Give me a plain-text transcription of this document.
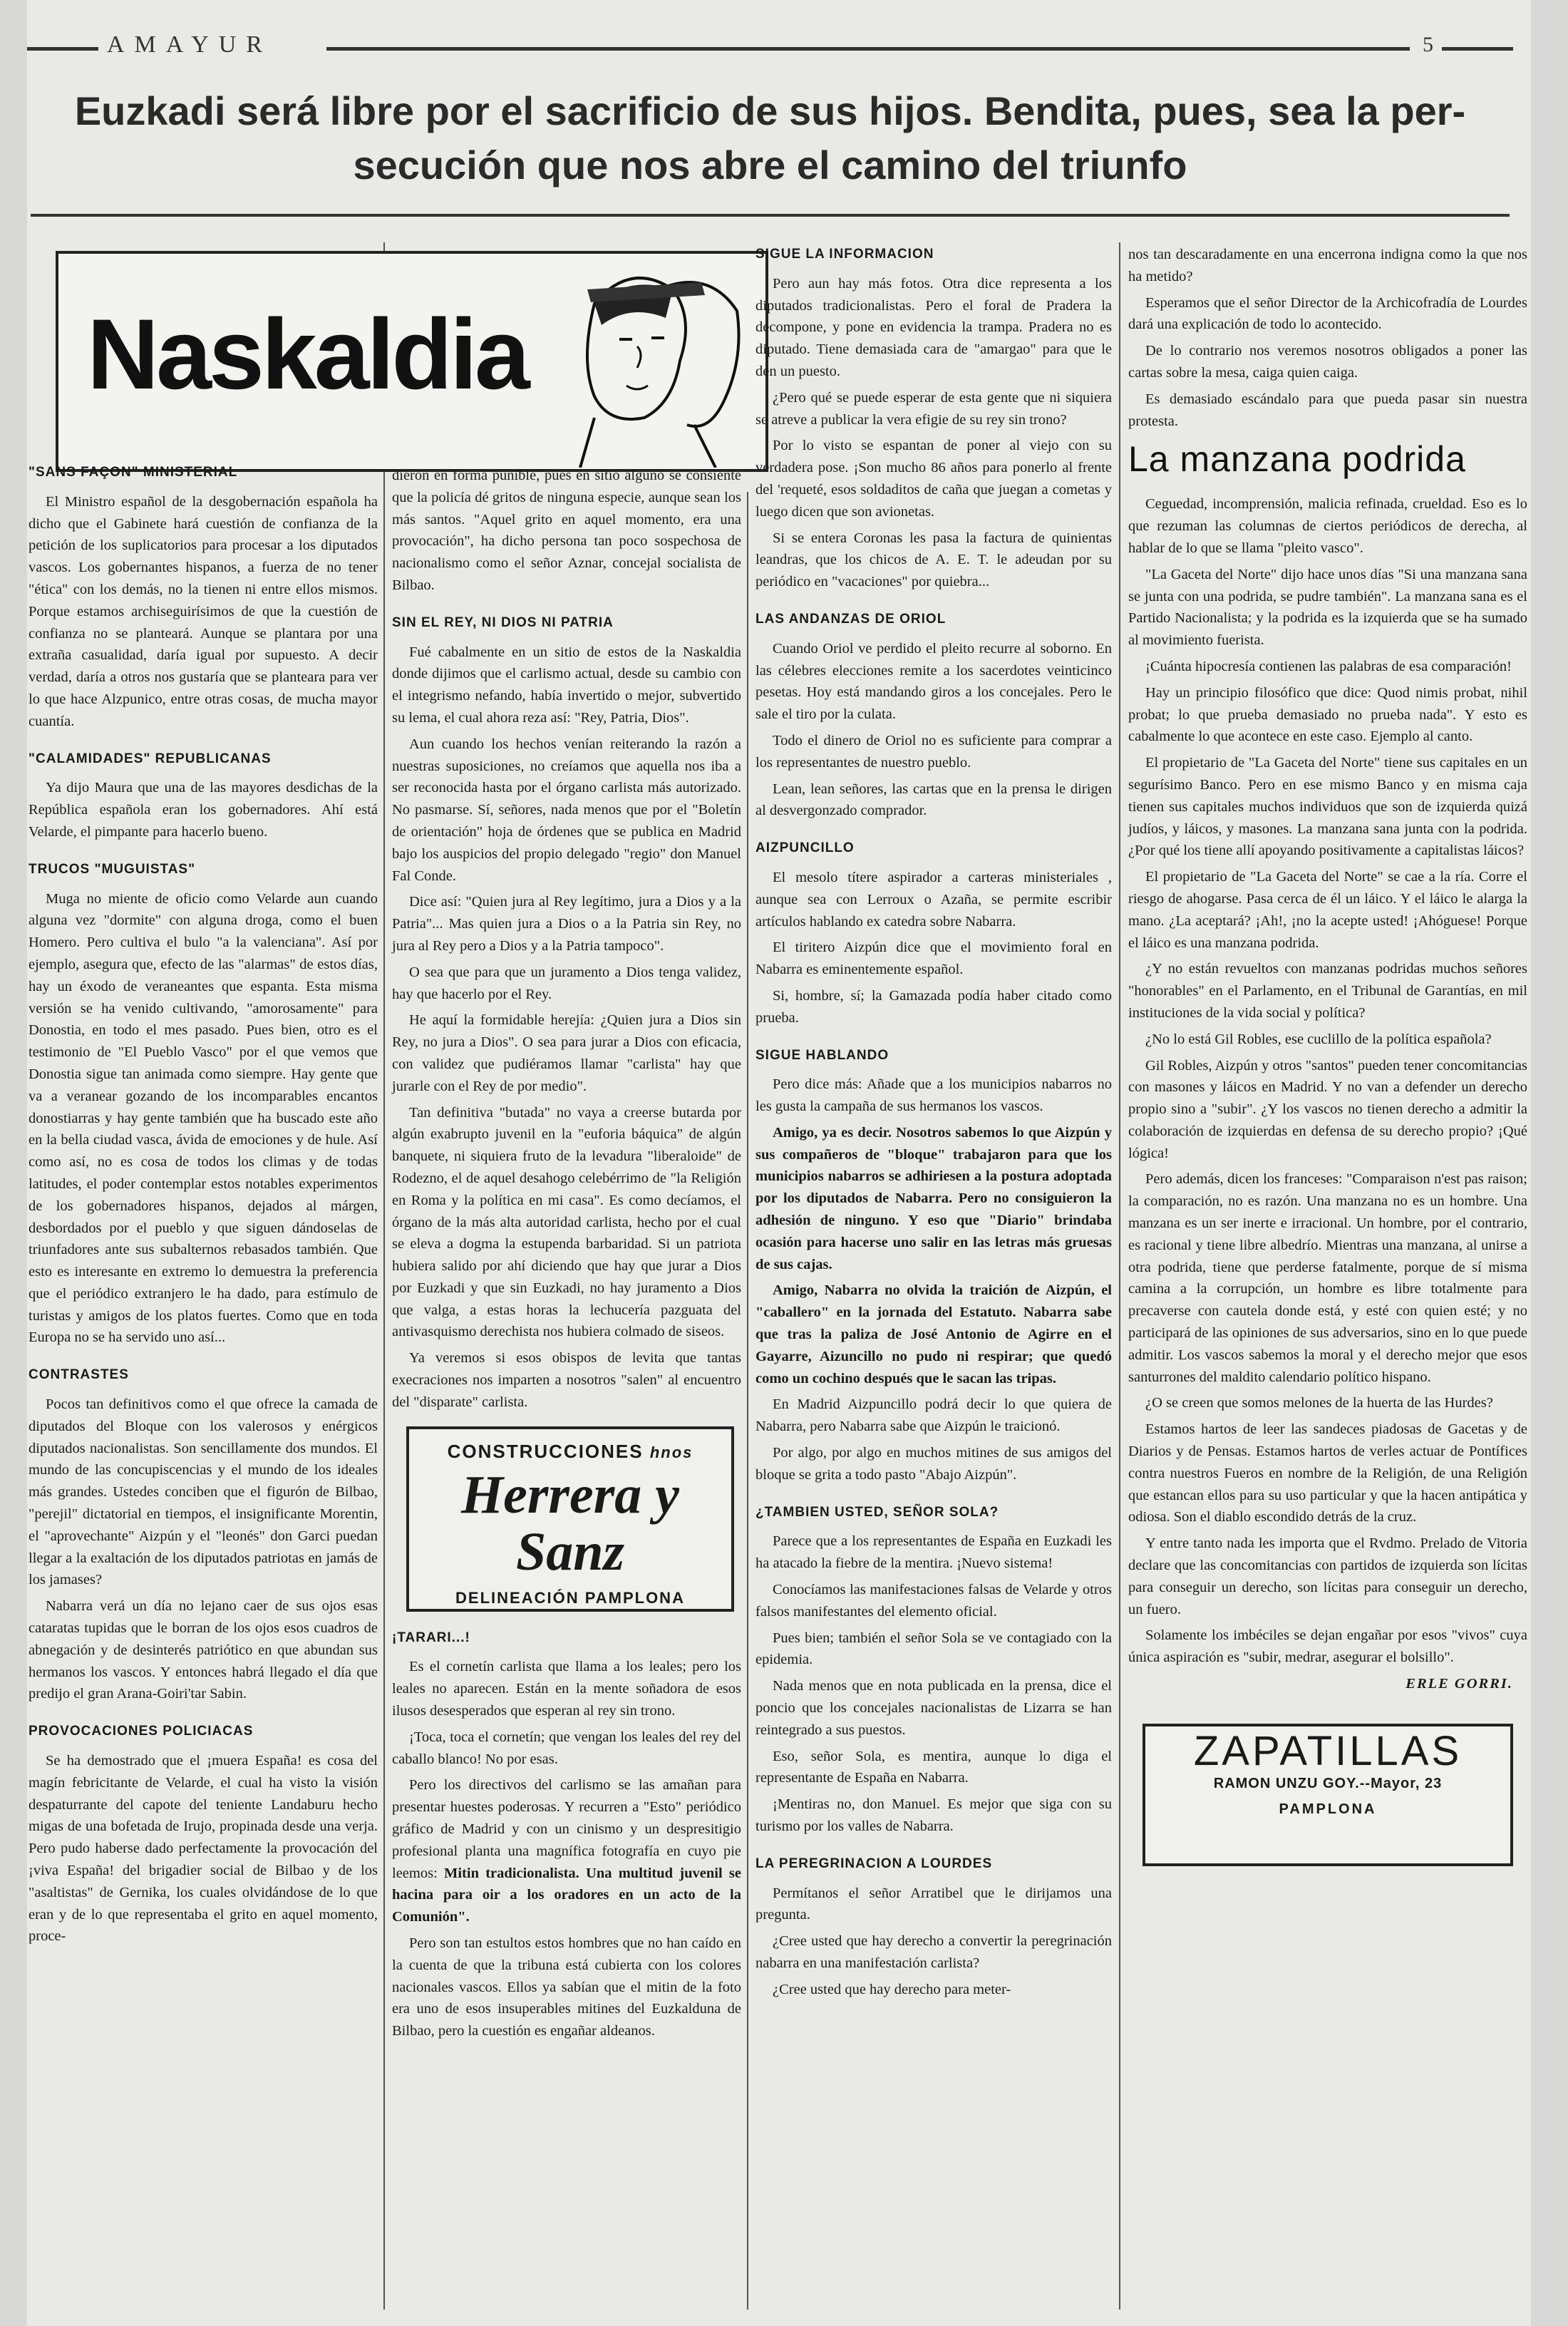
AMAYUR	5
Euzkadi será libre por el sacrificio de sus hijos. Bendita, pues, sea la per-
secución que nos abre el camino del triunfo
Naskaldia
"SANS FAÇON" MINISTERIAL

El Ministro español de la desgobernación española ha dicho que el Gabinete hará cuestión de confianza de la petición de los suplicatorios para procesar a los diputados vascos. Los gobernantes hispanos, a fuerza de no tener "ética" con los demás, no la tienen ni entre ellos mismos. Porque estamos archiseguirísimos de que la cuestión de confianza no se planteará. Aunque se plantara por una extraña casualidad, daría igual por supuesto. A decir verdad, daría a otros nos gustaría que se planteara para ver lo que hace Alzpunico, entre otras cosas, de mucha mayor cuantía.

"CALAMIDADES" REPUBLICANAS

Ya dijo Maura que una de las mayores desdichas de la República española eran los gobernadores. Ahí está Velarde, el pimpante para hacerlo bueno.

TRUCOS "MUGUISTAS"

Muga no miente de oficio como Velarde aun cuando alguna vez "dormite" con alguna droga, como el buen Homero. Pero cultiva el bulo "a la valenciana". Así por ejemplo, asegura que, efecto de las "alarmas" de estos días, hay un éxodo de veraneantes que espanta. Esta misma versión se ha venido cultivando, "amorosamente" para Donostia, en todo el mes pasado. Pues bien, otro es el testimonio de "El Pueblo Vasco" por el que vemos que Donostia sigue tan animada como siempre. Hay gente que va a veranear gozando de los incomparables encantos donostiarras y hay gente también que ha buscado este año en la bella ciudad vasca, ávida de emociones y de hule. Así como así, no es cosa de todos los climas y de todas latitudes, el poder contemplar estos notables experimentos de los gobernadores hispanos, dejados al márgen, desbordados por el pueblo y que siguen dándoselas de triunfadores ante sus subalternos rebasados también. Que esto es interesante en extremo lo demuestra la preferencia que el periódico extranjero le ha dado, para estímulo de turistas y amigos de los platos fuertes. Como que en toda Europa no se ha servido uno así...

CONTRASTES

Pocos tan definitivos como el que ofrece la camada de diputados del Bloque con los valerosos y enérgicos diputados nacionalistas. Son sencillamente dos mundos. El mundo de las concupiscencias y el mundo de los ideales más grandes. Ustedes conciben que el figurón de Bilbao, "perejil" dictatorial en tiempos, el insignificante Morentin, el "aprovechante" Aizpún y el "leonés" don Garci puedan llegar a la exaltación de los diputados patriotas en jamás de los jamases?

Nabarra verá un día no lejano caer de sus ojos esas cataratas tupidas que le borran de los ojos esos cuadros de abnegación y de desinterés patriótico en que abundan sus hermanos los vascos. Y entonces habrá llegado el día que predijo el gran Arana-Goiri'tar Sabin.

PROVOCACIONES POLICIACAS

Se ha demostrado que el ¡muera España! es cosa del magín febricitante de Velarde, el cual ha visto la visión despaturrante del capote del teniente Landaburu hecho migas de una bofetada de Irujo, propinada desde una verja. Pero pudo haberse dado perfectamente la provocación del ¡viva España! del brigadier social de Bilbao y de los "asaltistas" de Gernika, los cuales olvidándose de lo que eran y de lo que representaba el grito en aquel momento, proce-

dieron en forma punible, pues en sitio alguno se consiente que la policía dé gritos de ninguna especie, aunque sean los más santos. "Aquel grito en aquel momento, era una provocación", ha dicho persona tan poco sospechosa de nacionalismo como el señor Aznar, concejal socialista de Bilbao.

SIN EL REY, NI DIOS NI PATRIA

Fué cabalmente en un sitio de estos de la Naskaldia donde dijimos que el carlismo actual, desde su cambio con el integrismo nefando, había invertido o mejor, subvertido su lema, el cual ahora reza así: "Rey, Patria, Dios".

Aun cuando los hechos venían reiterando la razón a nuestras suposiciones, no creíamos que aquella nos iba a ser reconocida hasta por el órgano carlista más autorizado. No pasmarse. Sí, señores, nada menos que por el "Boletín de orientación" hoja de órdenes que se publica en Madrid bajo los auspicios del propio delegado "regio" don Manuel Fal Conde.

Dice así: "Quien jura al Rey legítimo, jura a Dios y a la Patria"... Mas quien jura a Dios o a la Patria sin Rey, no jura al Rey pero a Dios y a la Patria tampoco".

O sea que para que un juramento a Dios tenga validez, hay que hacerlo por el Rey.

He aquí la formidable herejía: ¿Quien jura a Dios sin Rey, no jura a Dios". O sea para jurar a Dios con eficacia, con validez que pudiéramos llamar "carlista" hay que jurarle con el Rey de por medio".

Tan definitiva "butada" no vaya a creerse butarda por algún exabrupto juvenil en la "euforia báquica" de algún banquete, ni siquiera fruto de la levadura "liberaloide" de Rodezno, el de aquel desahogo celebérrimo de "la Religión en Roma y la política en mi casa". Es como decíamos, el órgano de la más alta autoridad carlista, hecho por el cual se eleva a dogma la estupenda barbaridad. Si un patriota hubiera salido por ahí diciendo que hay que jurar a Dios por Euzkadi y que sin Euzkadi, no hay juramento a Dios que valga, a estas horas la lechucería pazguata del antivasquismo derechista nos hubiera colmado de siseos.

Ya veremos si esos obispos de levita que tantas execraciones nos imparten a nosotros "salen" al encuentro del "disparate" carlista.

CONSTRUCCIONES hnos
Herrera y Sanz
DELINEACIÓN PAMPLONA
¡TARARI...!

Es el cornetín carlista que llama a los leales; pero los leales no aparecen. Están en la mente soñadora de esos ilusos desesperados que esperan al rey sin trono.

¡Toca, toca el cornetín; que vengan los leales del rey del caballo blanco! No por esas.

Pero los directivos del carlismo se las amañan para presentar huestes poderosas. Y recurren a "Esto" periódico gráfico de Madrid y con un cinismo y un despresitigio profesional planta una magnífica fotografía en cuyo pie leemos: Mitin tradicionalista. Una multitud juvenil se hacina para oir a los oradores en un acto de la Comunión".

Pero son tan estultos estos hombres que no han caído en la cuenta de que la tribuna está cubierta con los colores nacionales vascos. Ellos ya sabían que el mitin de la foto era uno de esos insuperables mitines del Euzkalduna de Bilbao, pero la cuestión es engañar aldeanos.

SIGUE LA INFORMACION

Pero aun hay más fotos. Otra dice representa a los diputados tradicionalistas. Pero el foral de Pradera la decompone, y pone en evidencia la trampa. Pradera no es diputado. Tiene demasiada cara de "amargao" para que le den un puesto.

¿Pero qué se puede esperar de esta gente que ni siquiera se atreve a publicar la vera efigie de su rey sin trono?

Por lo visto se espantan de poner al viejo con su verdadera pose. ¡Son mucho 86 años para ponerlo al frente del 'requeté, esos soldaditos de caña que juegan a cometas y luego dicen que son avionetas.

Si se entera Coronas les pasa la factura de quinientas leandras, que los chicos de A. E. T. le adeudan por su periódico en "vacaciones" por quiebra...

LAS ANDANZAS DE ORIOL

Cuando Oriol ve perdido el pleito recurre al soborno. En las célebres elecciones remite a los sacerdotes veinticinco pesetas. Hoy está mandando giros a los concejales. Pero le sale el tiro por la culata.

Todo el dinero de Oriol no es suficiente para comprar a los representantes de nuestro pueblo.

Lean, lean señores, las cartas que en la prensa le dirigen al desvergonzado comprador.

AIZPUNCILLO

El mesolo títere aspirador a carteras ministeriales , aunque sea con Lerroux o Azaña, se permite escribir artículos hablando ex catedra sobre Nabarra.

El tiritero Aizpún dice que el movimiento foral en Nabarra es eminentemente español.

Si, hombre, sí; la Gamazada podía haber citado como prueba.

SIGUE HABLANDO

Pero dice más: Añade que a los municipios nabarros no les gusta la campaña de sus hermanos los vascos.

Amigo, ya es decir. Nosotros sabemos lo que Aizpún y sus compañeros de "bloque" trabajaron para que los municipios nabarros se adhiriesen a la postura adoptada por los diputados de Nabarra. Pero no consiguieron la adhesión de ninguno. Y eso que "Diario" brindaba ocasión para hacerse uno salir en las letras más gruesas de sus cajas.

Amigo, Nabarra no olvida la traición de Aizpún, el "caballero" en la jornada del Estatuto. Nabarra sabe que tras la paliza de José Antonio de Agirre en el Gayarre, Aizuncillo no pudo ni respirar; que quedó como un cochino después que le sacan las tripas.

En Madrid Aizpuncillo podrá decir lo que quiera de Nabarra, pero Nabarra sabe que Aizpún le traicionó.

Por algo, por algo en muchos mitines de sus amigos del bloque se grita a todo pasto "Abajo Aizpún".

¿TAMBIEN USTED, SEÑOR SOLA?

Parece que a los representantes de España en Euzkadi les ha atacado la fiebre de la mentira. ¡Nuevo sistema!

Conocíamos las manifestaciones falsas de Velarde y otros falsos manifestantes del elemento oficial.

Pues bien; también el señor Sola se ve contagiado con la epidemia.

Nada menos que en nota publicada en la prensa, dice el poncio que los concejales nacionalistas de Lizarra se han reintegrado a sus puestos.

Eso, señor Sola, es mentira, aunque lo diga el representante de España en Nabarra.

¡Mentiras no, don Manuel. Es mejor que siga con su turismo por los valles de Nabarra.

LA PEREGRINACION A LOURDES

Permítanos el señor Arratibel que le dirijamos una pregunta.

¿Cree usted que hay derecho a convertir la peregrinación nabarra en una manifestación carlista?

¿Cree usted que hay derecho para meter-

nos tan descaradamente en una encerrona indigna como la que nos ha metido?

Esperamos que el señor Director de la Archicofradía de Lourdes dará una explicación de todo lo acontecido.

De lo contrario nos veremos nosotros obligados a poner las cartas sobre la mesa, caiga quien caiga.

Es demasiado escándalo para que pueda pasar sin nuestra protesta.

La manzana podrida

Ceguedad, incomprensión, malicia refinada, crueldad. Eso es lo que rezuman las columnas de ciertos periódicos de derecha, al hablar de lo que se llama "pleito vasco".

"La Gaceta del Norte" dijo hace unos días "Si una manzana sana se junta con una podrida, se pudre también". La manzana sana es el Partido Nacionalista; y la podrida es la izquierda que se ha sumado al movimiento fuerista.

¡Cuánta hipocresía contienen las palabras de esa comparación!

Hay un principio filosófico que dice: Quod nimis probat, nihil probat; lo que prueba demasiado no prueba nada". Y esto es cabalmente lo que acontece en este caso. Ejemplo al canto.

El propietario de "La Gaceta del Norte" tiene sus capitales en un segurísimo Banco. Pero en ese mismo Banco y en misma caja tienen sus capitales muchos individuos que son de izquierda quizá judíos, y láicos, y masones. La manzana sana junta con la podrida. ¿Por qué los tiene allí apoyando positivamente a capitalistas láicos?

El propietario de "La Gaceta del Norte" se cae a la ría. Corre el riesgo de ahogarse. Pasa cerca de él un láico. Y el láico le alarga la mano. ¿La aceptará? ¡Ah!, ¡no la acepte usted! ¡Ahóguese! Porque el láico es una manzana podrida.

¿Y no están revueltos con manzanas podridas muchos señores "honorables" en el Parlamento, en el Tribunal de Garantías, en mil instituciones de la vida social y política?

¿No lo está Gil Robles, ese cuclillo de la política española?

Gil Robles, Aizpún y otros "santos" pueden tener concomitancias con masones y láicos en Madrid. Y no van a defender un derecho propio sino a "subir". ¿Y los vascos no tienen derecho a admitir la colaboración de izquierdas en defensa de su derecho propio? ¡Qué lógica!

Pero además, dicen los franceses: "Comparaison n'est pas raison; la comparación, no es razón. Una manzana no es un hombre. Una manzana es un ser inerte e irracional. Un hombre, por el contrario, es racional y tiene libre albedrío. Mientras una manzana, al unirse a otra podrida, tiene que perderse fatalmente, porque de sí misma camina a la corrupción, un hombre es libre totalmente para precaverse con cautela donde está, y esté con quien esté; y no participará de las opiniones de sus adversarios, sino en lo que puede admitir. Los vascos sabemos la moral y el derecho mejor que esos santurrones del maldito calendario político hispano.

¿O se creen que somos melones de la huerta de las Hurdes?

Estamos hartos de leer las sandeces piadosas de Gacetas y de Diarios y de Pensas. Estamos hartos de verles actuar de Pontífices contra nuestros Fueros en nombre de la Religión, de una Religión que estancan ellos para su uso particular y que la hacen antipática y odiosa. Son el diablo escondido detrás de la cruz.

Y entre tanto nada les importa que el Rvdmo. Prelado de Vitoria declare que las concomitancias con partidos de izquierda son lícitas para conseguir un derecho, son lícitas para conseguir un derecho, un fuero.

Solamente los imbéciles se dejan engañar por esos "vivos" cuya única aspiración es "subir, medrar, asegurar el bolsillo".

ERLE GORRI.
ZAPATILLAS
RAMON UNZU GOY.--Mayor, 23
PAMPLONA
